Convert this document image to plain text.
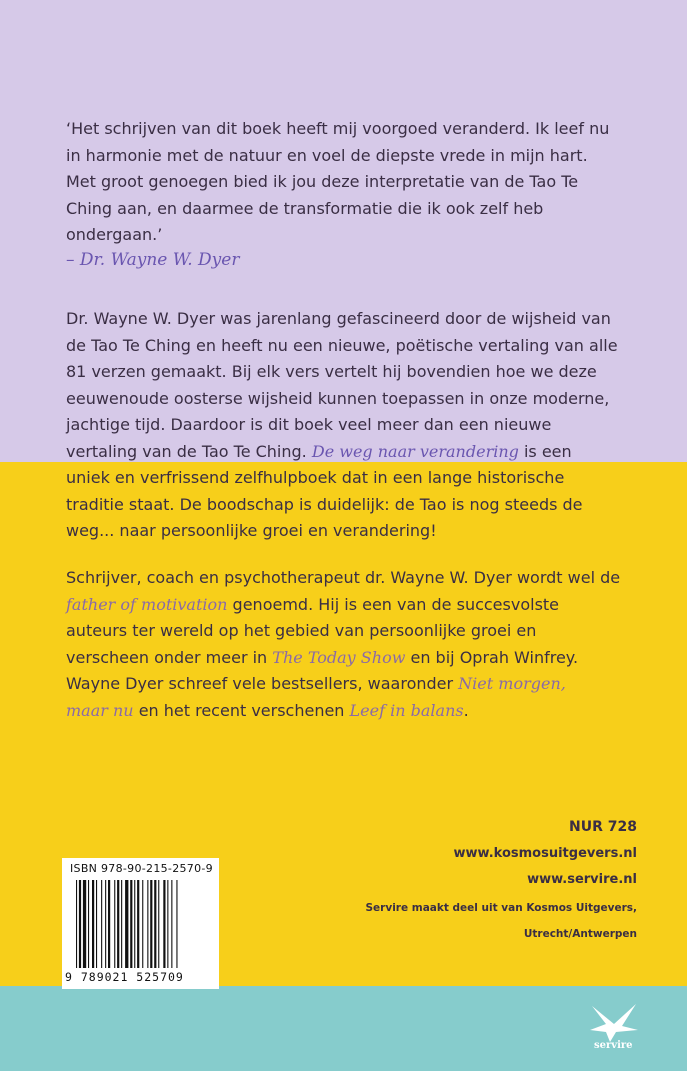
‘Het schrijven van dit boek heeft mij voorgoed veranderd. Ik leef nu
in harmonie met de natuur en voel de diepste vrede in mijn hart.
Met groot genoegen bied ik jou deze interpretatie van de Tao Te
Ching aan, en daarmee de transformatie die ik ook zelf heb
ondergaan.’
– Dr. Wayne W. Dyer
Dr. Wayne W. Dyer was jarenlang gefascineerd door de wijsheid van
de Tao Te Ching en heeft nu een nieuwe, poëtische vertaling van alle
81 verzen gemaakt. Bij elk vers vertelt hij bovendien hoe we deze
eeuwenoude oosterse wijsheid kunnen toepassen in onze moderne,
jachtige tijd. Daardoor is dit boek veel meer dan een nieuwe
vertaling van de Tao Te Ching. De weg naar verandering is een
uniek en verfrissend zelfhulpboek dat in een lange historische
traditie staat. De boodschap is duidelijk: de Tao is nog steeds de
weg... naar persoonlijke groei en verandering!
Schrijver, coach en psychotherapeut dr. Wayne W. Dyer wordt wel de
father of motivation genoemd. Hij is een van de succesvolste
auteurs ter wereld op het gebied van persoonlijke groei en
verscheen onder meer in The Today Show en bij Oprah Winfrey.
Wayne Dyer schreef vele bestsellers, waaronder Niet morgen,
maar nu en het recent verschenen Leef in balans.
NUR 728
www.kosmosuitgevers.nl
www.servire.nl
Servire maakt deel uit van Kosmos Uitgevers,
Utrecht/Antwerpen
ISBN 978-90-215-2570-9
9 789021 525709
servire
